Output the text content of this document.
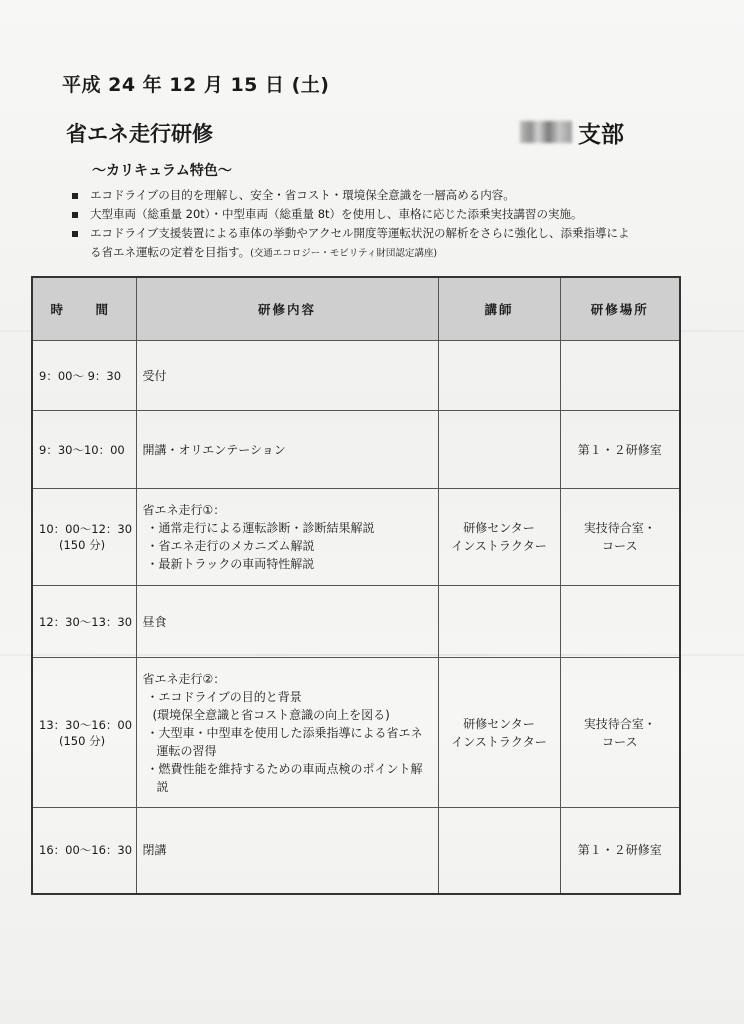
平成 24 年 12 月 15 日 (土)
省エネ走行研修	支部
〜カリキュラム特色〜
エコドライブの目的を理解し、安全・省コスト・環境保全意識を一層高める内容。
大型車両（総重量 20t）・中型車両（総重量 8t）を使用し、車格に応じた添乗実技講習の実施。
エコドライブ支援装置による車体の挙動やアクセル開度等運転状況の解析をさらに強化し、添乗指導によ
る省エネ運転の定着を目指す。(交通エコロジー・モビリティ財団認定講座)
時　間	研修内容	講師	研修場所
9：00〜 9：30	受付		

9：30〜10：00	開講・オリエンテーション		第１・２研修室

10：00〜12：30
(150 分)	省エネ走行①：
・通常走行による運転診断・診断結果解説
・省エネ走行のメカニズム解説
・最新トラックの車両特性解説	研修センター
インストラクター	実技待合室・
コース

12：30〜13：30	昼食		

13：30〜16：00
(150 分)	省エネ走行②：
・エコドライブの目的と背景
(環境保全意識と省コスト意識の向上を図る)
・大型車・中型車を使用した添乗指導による省エネ運転の習得
・燃費性能を維持するための車両点検のポイント解説	研修センター
インストラクター	実技待合室・
コース

16：00〜16：30	閉講		第１・２研修室
